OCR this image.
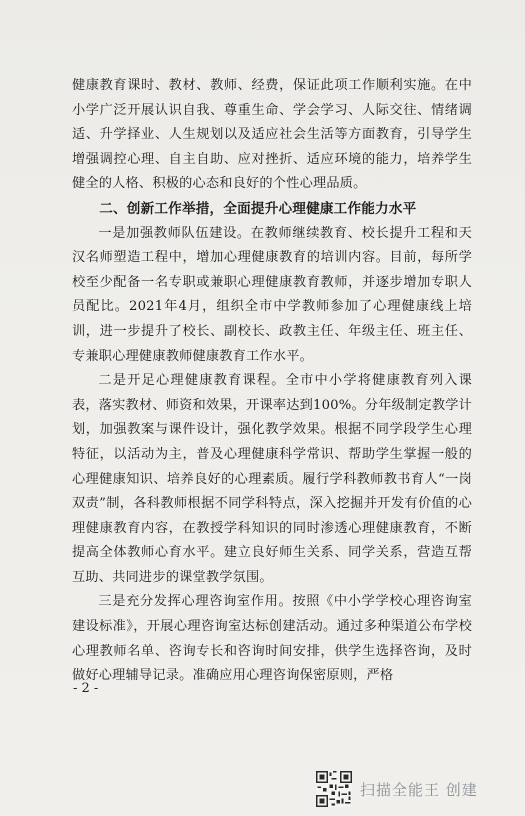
健康教育课时、教材、教师、经费，保证此项工作顺利实施。在中小学广泛开展认识自我、尊重生命、学会学习、人际交往、情绪调适、升学择业、人生规划以及适应社会生活等方面教育，引导学生增强调控心理、自主自助、应对挫折、适应环境的能力，培养学生健全的人格、积极的心态和良好的个性心理品质。

二、创新工作举措，全面提升心理健康工作能力水平

一是加强教师队伍建设。在教师继续教育、校长提升工程和天汉名师塑造工程中，增加心理健康教育的培训内容。目前，每所学校至少配备一名专职或兼职心理健康教育教师，并逐步增加专职人员配比。2021年4月，组织全市中学教师参加了心理健康线上培训，进一步提升了校长、副校长、政教主任、年级主任、班主任、专兼职心理健康教师健康教育工作水平。

二是开足心理健康教育课程。全市中小学将健康教育列入课表，落实教材、师资和效果，开课率达到100%。分年级制定教学计划，加强教案与课件设计，强化教学效果。根据不同学段学生心理特征，以活动为主，普及心理健康科学常识、帮助学生掌握一般的心理健康知识、培养良好的心理素质。履行学科教师教书育人“一岗双责”制，各科教师根据不同学科特点，深入挖掘并开发有价值的心理健康教育内容，在教授学科知识的同时渗透心理健康教育，不断提高全体教师心育水平。建立良好师生关系、同学关系，营造互帮互助、共同进步的课堂教学氛围。

三是充分发挥心理咨询室作用。按照《中小学学校心理咨询室建设标准》，开展心理咨询室达标创建活动。通过多种渠道公布学校心理教师名单、咨询专长和咨询时间安排，供学生选择咨询，及时做好心理辅导记录。准确应用心理咨询保密原则，严格

- 2 -
扫描全能王 创建
